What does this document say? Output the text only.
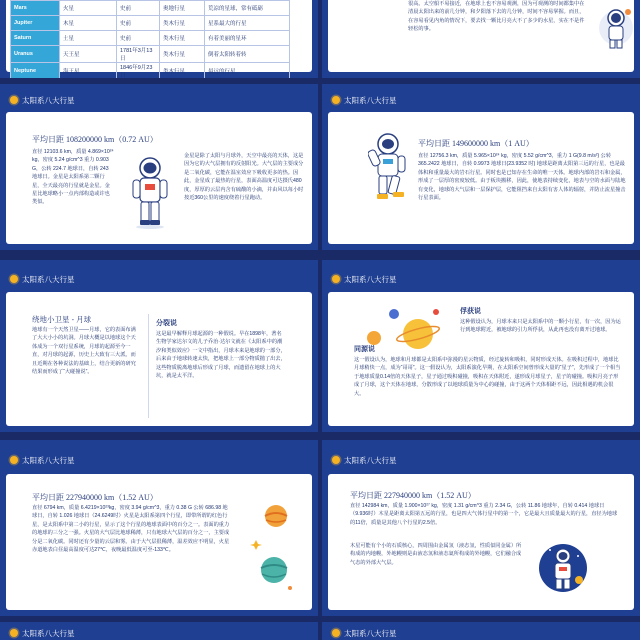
Mars	火星	史前	奥地行星	荒凉的星球，常有砥砺
Jupiter	木星	史前	类木行星	星系最大的行星
Saturn	土星	史前	类木行星	有着美丽的星环
Uranus	天王星	1781年3月13日	类木行星	倒着太阳转着转
Neptune	海王星	1846年9月23日	类木行星	最远的行星
很高。太空船不易接近，在地球上也不容易观测，因为可观测的时间都集中在清晨太阳出来的前几分钟，和夕阳落下去的几分钟，时间不容易掌握。而且，在容易看见内角的情况下，要去找一颗比月亮大不了多少的水星，实在不是件轻松的事。
太阳系八大行星
平均日距 108200000 km（0.72 AU）
直径 12103.6 km，质量 4.869×10²⁴ kg，密度 5.24 g/cm^3 重力 0.903 G，公转 224.7 地球日，自转 243 地球日。金星是太阳系第二颗行星，全天最亮的行星就是金星。金星比地球略小一点内部构造或许也类似。
金星是除了太阳与月球外，天空中最亮的天体，这是因为它的大气层拥有的反射阳光。大气层的主要成分是二氧化碳，它能在温室效应下吸收更多的热。因此，金星成了最热的行星，表面高温度可达摄氏480度，厚厚的云层内含有硫酸的小滴，并由风以每小时按近360公里的速度绕着行星跑动。
太阳系八大行星
平均日距 149600000 km（1 AU）
直径 12756.3 km，质量 5.965×10²⁴ kg，密度 5.52 g/cm^3，重力 1 G(9.8 m/s²) 公转 365.2422 地球日，自转 0.9973 地球日(23.9352 时) 地球是距离太阳第三远的行星，也是最体积和重量最大的岩石行星。同时也是已知存在生命的唯一天体。地球内部的岩石和金属，形成了一层厚的密度较低。由于板块搬移，因此，使地表持续变化，地表与空的水面与陆地有变化，地球的大气层和一层保护层，它能阻挡来自太阳有害人体的辐射，并防止流星撞击行星表面。
太阳系八大行星
绕地小卫星 - 月球
地球有一个天然卫星——月球，它的表面布满了大大小小的坑洞。月球大概是以地球这个天体成为一个双行星系统，月球的起源至今一直，对月球的起源，历史上大致有三大派。而且近期在各种说法的基础上，结合更新的研究结果而形成了“大碰撞说”。
分裂说
这是最早解释月球起源的一种假说。早在1898年，著名生物学家达尔文的儿子乔治·达尔文就在《太阳系中的潮汐和类似效应》一文中指出，月球本来是地球的一部分，后来由于地球转速太快，把地球上一部分物质抛了出去，这些物质脱离地球后形成了月球，而遗留在地球上的大坑，就是太平洋。
太阳系八大行星
俘获说
这种假设认为，月球本来只是太阳系中的一颗小行星，有一次，因为运行到地球附近，被地球的引力所俘获，从此再也没有离开过地球。
同源说
这一假设认为，地球和月球都是太阳系中弥漫的星云物质，经过旋转和吸积，同时形成天体。在吸积过程中，地球比月球稍快一点，成为“哥哥”。这一假设认为，太阳系演化早期，在太阳系空间曾形成大量的“星子”，先形成了一个相当于地球质量0.14倍的天体星子，星子通过吸积碰撞，吸积在天体附近，遂形成月球星子，星子的碰撞。吸积月亮子形成了月球，这个天体在地球，分散形成了以地球质量为中心的碰撞，由于这两个天体相距不远，因此相遇的机会很大。
太阳系八大行星
平均日距 227940000 km（1.52 AU）
直径 6794 km，质量 6.4219×10²³kg，密度 3.94 g/cm^3，重力 0.38 G 公转 686.98 地球日，自转 1.026 地球日（24.6249时）火星是太阳系第四个行星，即带所谓的红色行星，是太阳系中第二小的行星，显示了这个行星的地球表面中的百分之一。表面的重力的地球的三分之一强。火星的大气层比地球稀薄，只有地球大气层的百分之一，主要成分是二氧化碳。同时还有少量的云层和雾。由于大气层很稀薄，温差效应不明显，火星赤道地表白昼最高温度可达27℃，夜晚最低温度可至-133℃。
太阳系八大行星
平均日距 227940000 km（1.52 AU）
直径 142984 km，质量 1.900×10²⁷ kg，密度 1.31 g/cm^3 重力 2.34 G，公转 11.86 地球年，自转 0.414 地球日（9.936时）木星是距离太阳第五远的行星，也是四大气体行星中的第一个，它是最大且质量最大的行星，直径为地球的11倍，质量是其他八个行星的2.5倍。
木星可能有个小的石质核心，四周围由金属氢（液态氢，性质似同金属）所构成的内地幔，外地幔则是由液态氢和液态氦所构成的外地幔，它们融合成气态的外部大气层。
太阳系八大行星	太阳系八大行星
